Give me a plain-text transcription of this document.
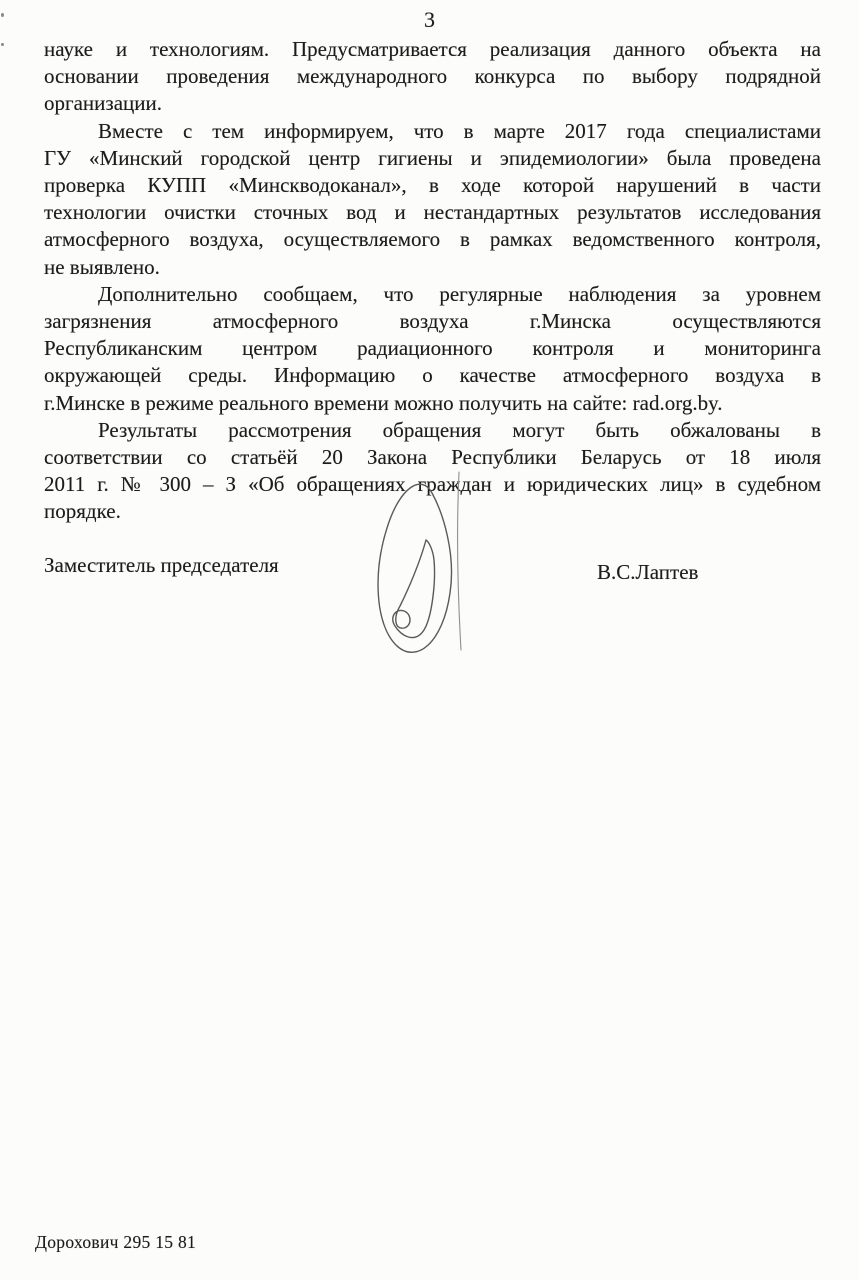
3
науке и технологиям. Предусматривается реализация данного объекта на
основании проведения международного конкурса по выбору подрядной
организации.
Вместе с тем информируем, что в марте 2017 года специалистами
ГУ «Минский городской центр гигиены и эпидемиологии» была проведена
проверка КУПП «Минскводоканал», в ходе которой нарушений в части
технологии очистки сточных вод и нестандартных результатов исследования
атмосферного воздуха, осуществляемого в рамках ведомственного контроля,
не выявлено.
Дополнительно сообщаем, что регулярные наблюдения за уровнем
загрязнения атмосферного воздуха г.Минска осуществляются
Республиканским центром радиационного контроля и мониторинга
окружающей среды. Информацию о качестве атмосферного воздуха в
г.Минске в режиме реального времени можно получить на сайте: rad.org.by.
Результаты рассмотрения обращения могут быть обжалованы в
соответствии со статьёй 20 Закона Республики Беларусь от 18 июля
2011 г. № 300 – З «Об обращениях граждан и юридических лиц» в судебном
порядке.
Заместитель председателя	В.С.Лаптев
Дорохович 295 15 81
